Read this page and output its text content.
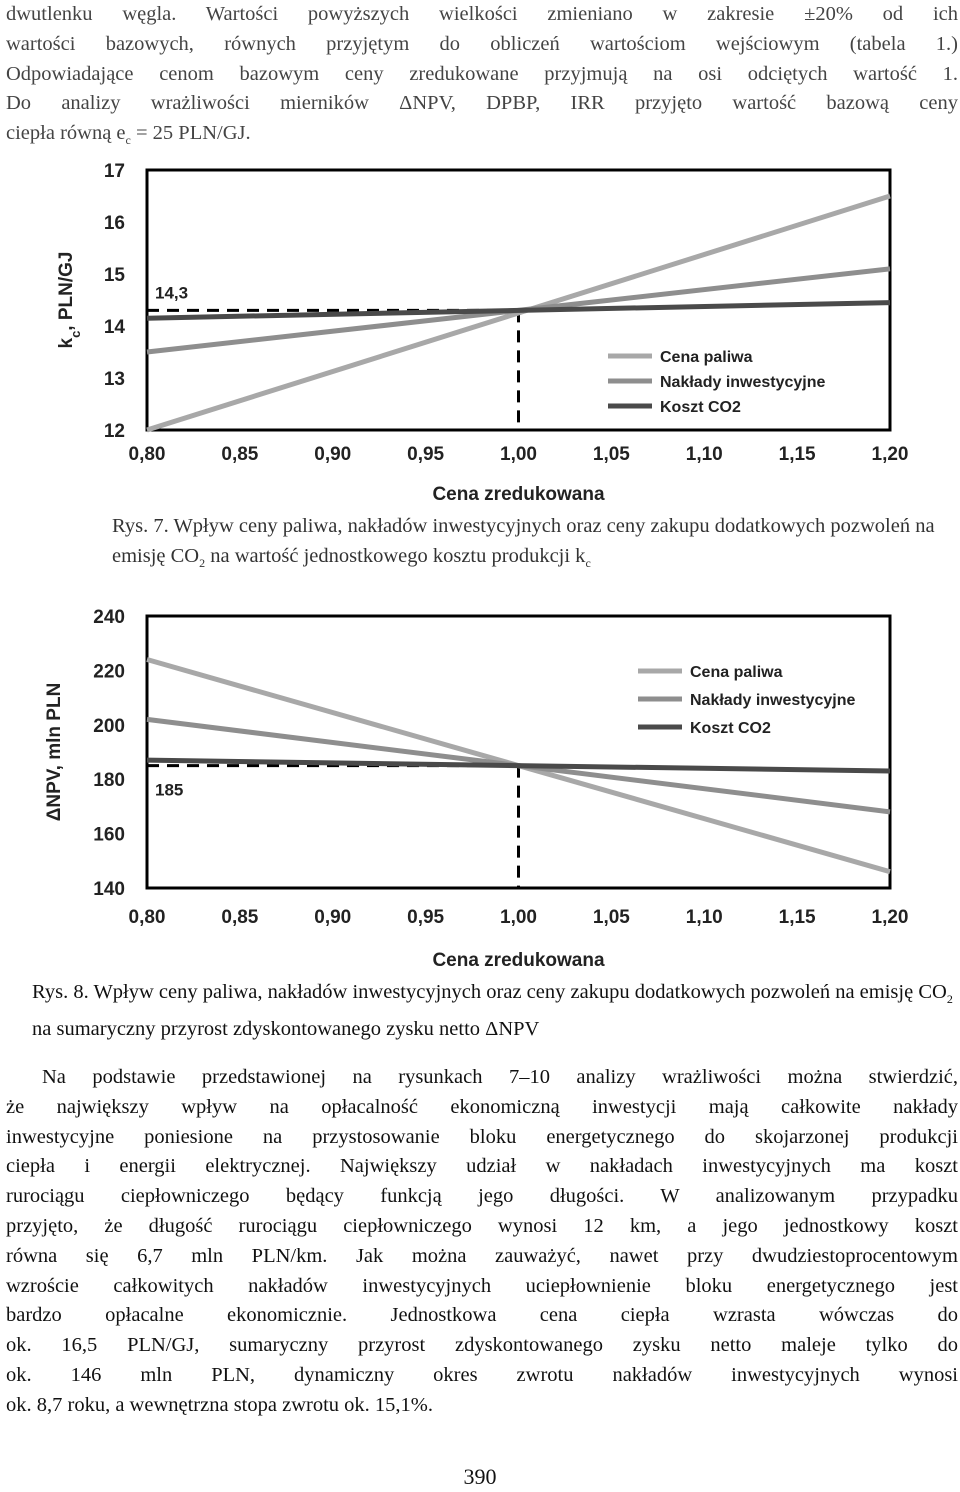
dwutlenku węgla. Wartości powyższych wielkości zmieniano w zakresie ±20% od ich
wartości bazowych, równych przyjętym do obliczeń wartościom wejściowym (tabela 1.)
Odpowiadające cenom bazowym ceny zredukowane przyjmują na osi odciętych wartość 1.
Do analizy wrażliwości mierników ΔNPV, DPBP, IRR przyjęto wartość bazową ceny
ciepła równą $e_c = 25$ PLN/GJ.
12
13
14
15
16
17
0,80	0,85	0,90	0,95	1,00	1,05	1,10	1,15	1,20
Cena zredukowana
$k_c$, PLN/GJ	14,3
Cena paliwa
Nakłady inwestycyjne
Koszt CO2
Rys. 7. Wpływ ceny paliwa, nakładów inwestycyjnych oraz ceny zakupu dodatkowych pozwoleń na emisję $CO_2$ na wartość jednostkowego kosztu produkcji $k_c$
140
160
180
200
220
240
0,80	0,85	0,90	0,95	1,00	1,05	1,10	1,15	1,20
Cena zredukowana
ΔNPV, mln PLN	185
Cena paliwa
Nakłady inwestycyjne
Koszt CO2
Rys. 8. Wpływ ceny paliwa, nakładów inwestycyjnych oraz ceny zakupu dodatkowych pozwoleń na emisję $CO_2$ na sumaryczny przyrost zdyskontowanego zysku netto ΔNPV
Na podstawie przedstawionej na rysunkach 7–10 analizy wrażliwości można stwierdzić,
że największy wpływ na opłacalność ekonomiczną inwestycji mają całkowite nakłady
inwestycyjne poniesione na przystosowanie bloku energetycznego do skojarzonej produkcji
ciepła i energii elektrycznej. Największy udział w nakładach inwestycyjnych ma koszt
rurociągu ciepłowniczego będący funkcją jego długości. W analizowanym przypadku
przyjęto, że długość rurociągu ciepłowniczego wynosi 12 km, a jego jednostkowy koszt
równa się 6,7 mln PLN/km. Jak można zauważyć, nawet przy dwudziestoprocentowym
wzroście całkowitych nakładów inwestycyjnych uciepłownienie bloku energetycznego jest
bardzo opłacalne ekonomicznie. Jednostkowa cena ciepła wzrasta wówczas do
ok. 16,5 PLN/GJ, sumaryczny przyrost zdyskontowanego zysku netto maleje tylko do
ok. 146 mln PLN, dynamiczny okres zwrotu nakładów inwestycyjnych wynosi
ok. 8,7 roku, a wewnętrzna stopa zwrotu ok. 15,1%.
390
